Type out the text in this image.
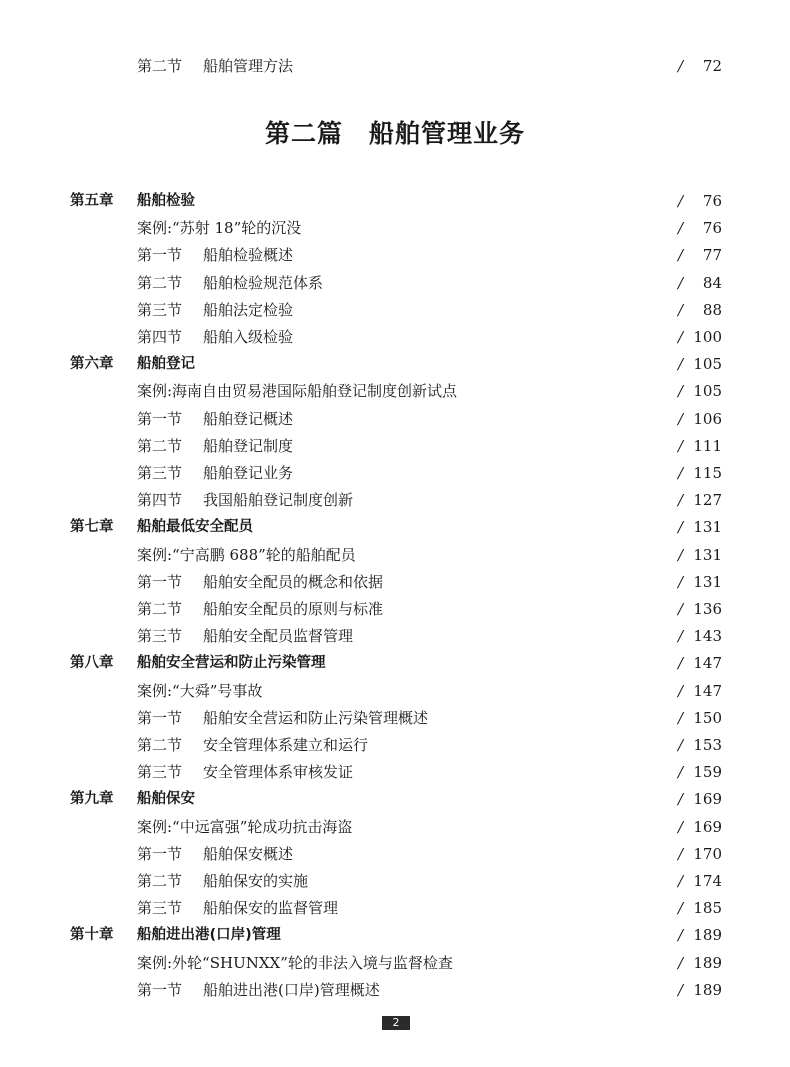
第二节 船舶管理方法	/ 72
第二篇　船舶管理业务
第五章 船舶检验	/ 76
案例:“苏射 18”轮的沉没	/ 76
第一节 船舶检验概述	/ 77
第二节 船舶检验规范体系	/ 84
第三节 船舶法定检验	/ 88
第四节 船舶入级检验	/ 100
第六章 船舶登记	/ 105
案例:海南自由贸易港国际船舶登记制度创新试点	/ 105
第一节 船舶登记概述	/ 106
第二节 船舶登记制度	/ 111
第三节 船舶登记业务	/ 115
第四节 我国船舶登记制度创新	/ 127
第七章 船舶最低安全配员	/ 131
案例:“宁高鹏 688”轮的船舶配员	/ 131
第一节 船舶安全配员的概念和依据	/ 131
第二节 船舶安全配员的原则与标准	/ 136
第三节 船舶安全配员监督管理	/ 143
第八章 船舶安全营运和防止污染管理	/ 147
案例:“大舜”号事故	/ 147
第一节 船舶安全营运和防止污染管理概述	/ 150
第二节 安全管理体系建立和运行	/ 153
第三节 安全管理体系审核发证	/ 159
第九章 船舶保安	/ 169
案例:“中远富强”轮成功抗击海盗	/ 169
第一节 船舶保安概述	/ 170
第二节 船舶保安的实施	/ 174
第三节 船舶保安的监督管理	/ 185
第十章 船舶进出港(口岸)管理	/ 189
案例:外轮“SHUNXX”轮的非法入境与监督检查	/ 189
第一节 船舶进出港(口岸)管理概述	/ 189
2
